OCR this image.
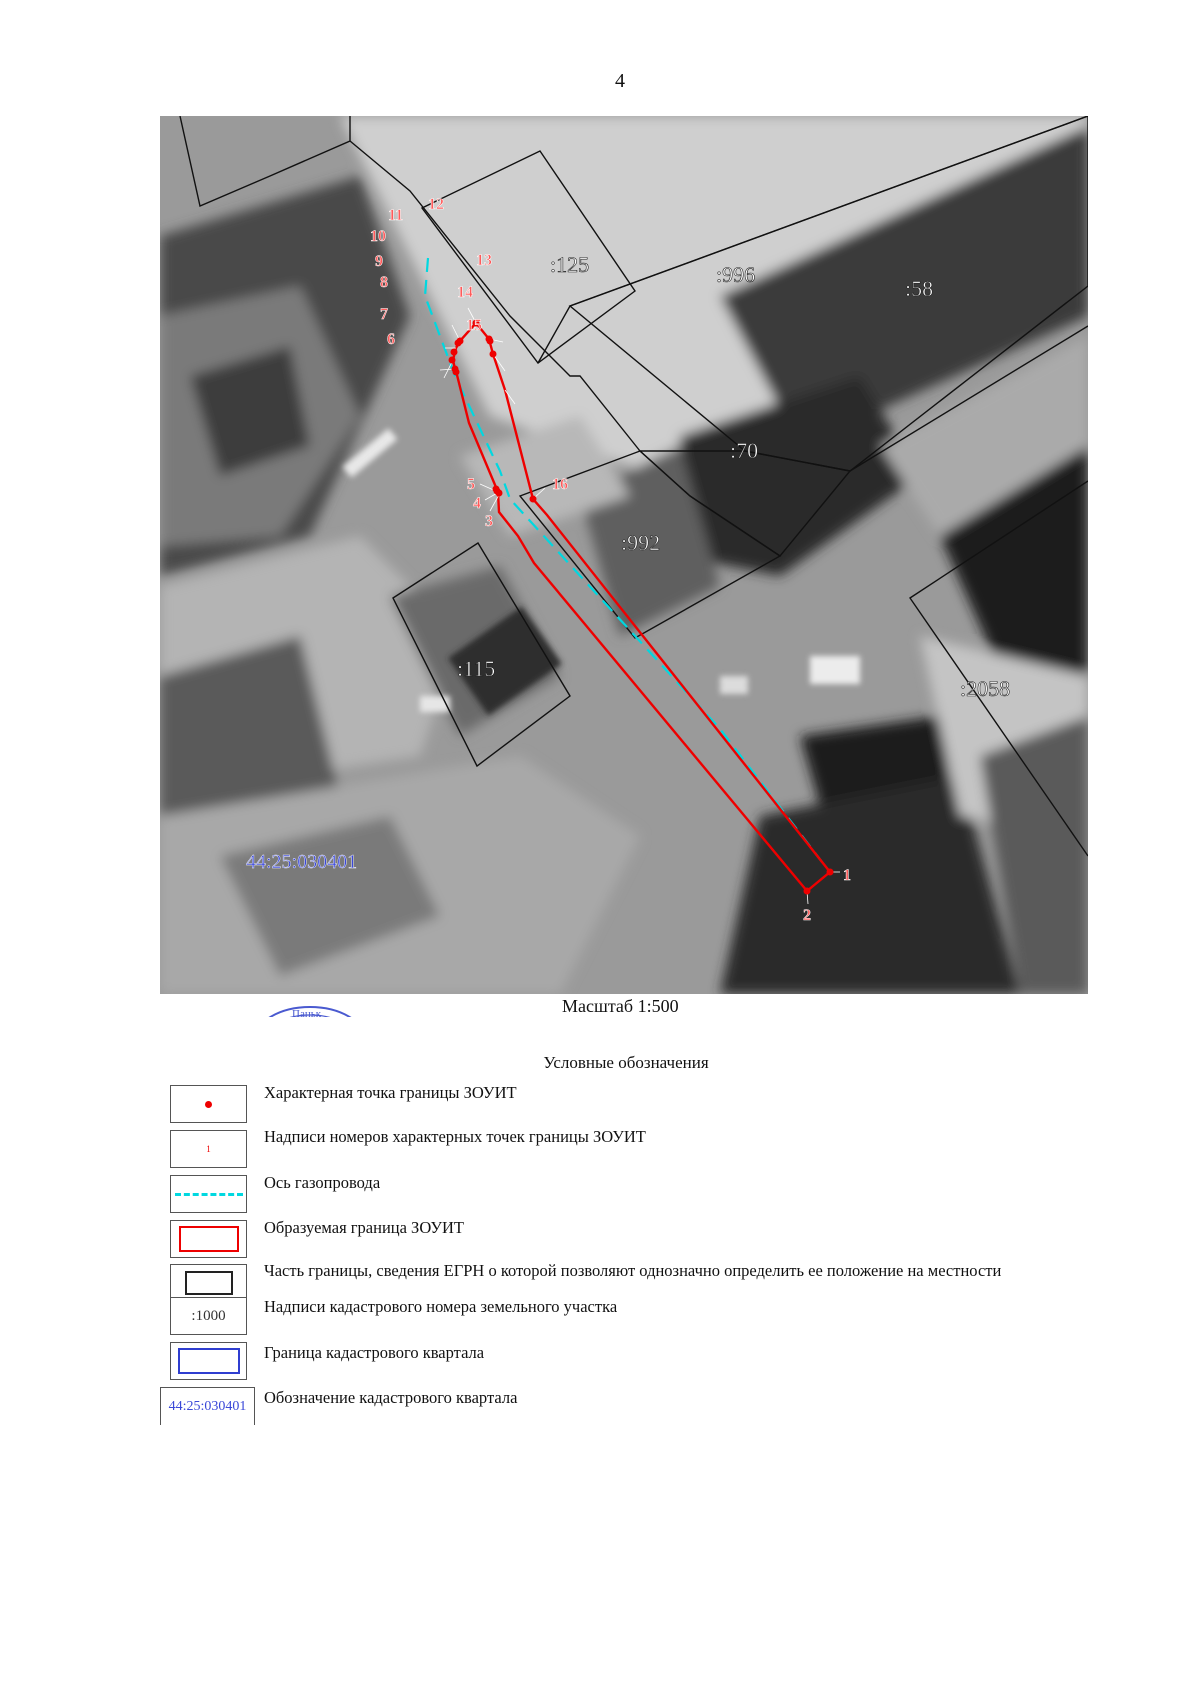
4
:125	:996
:58
:70
:992
:115
:2058
1
2
3
4
5
6
7
8
9
10
11
12
13
14
15
16
44:25:030401
Паньк	Масштаб 1:500
Условные обозначения
Характерная точка границы ЗОУИТ
1
Надписи номеров характерных точек границы ЗОУИТ
Ось газопровода
Образуемая граница ЗОУИТ
Часть границы, сведения ЕГРН о которой позволяют однозначно определить ее положение на местности
:1000 Надписи кадастрового номера земельного участка
Граница кадастрового квартала
44:25:030401 Обозначение кадастрового квартала
